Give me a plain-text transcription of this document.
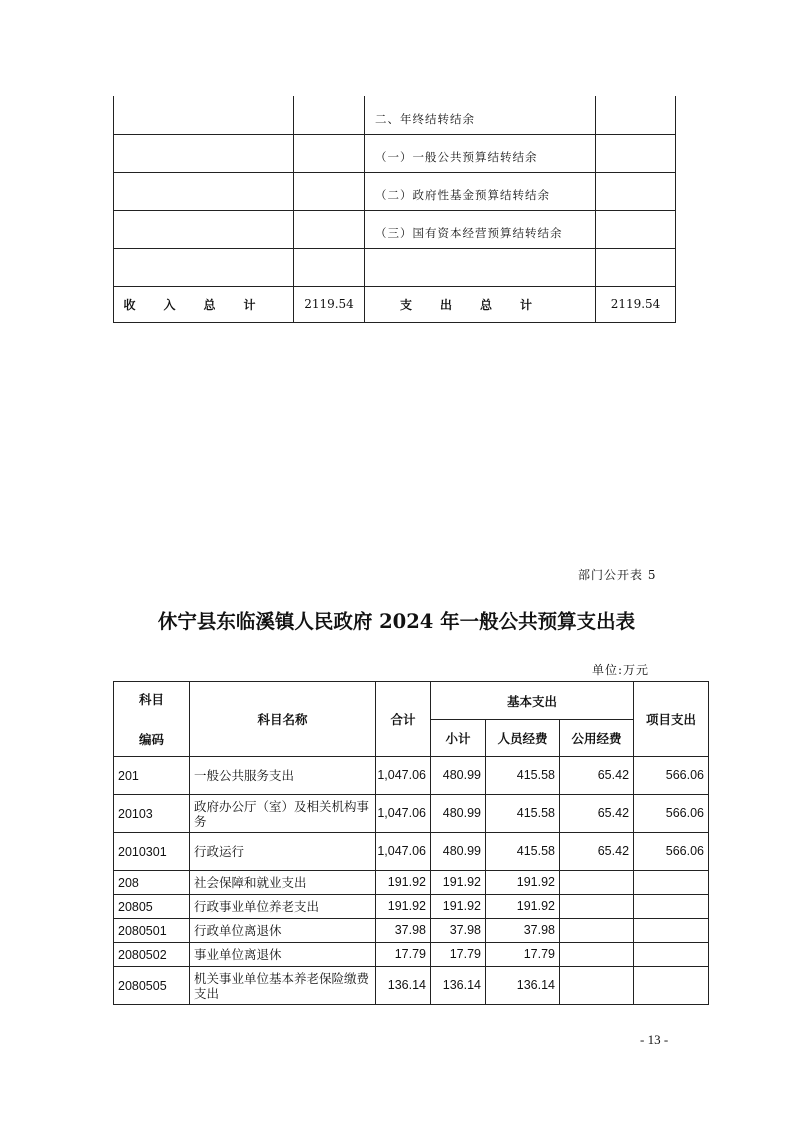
		二、年终结转结余	
		（一）一般公共预算结转结余	
		（二）政府性基金预算结转结余	
		（三）国有资本经营预算结转结余	

收入总计	2119.54	支出总计	2119.54
部门公开表 5
休宁县东临溪镇人民政府 2024 年一般公共预算支出表
单位:万元
科目
编码	科目名称	合计	基本支出			项目支出
			小计	人员经费	公用经费	
201	一般公共服务支出	1,047.06	480.99	415.58	65.42	566.06
20103	政府办公厅（室）及相关机构事务	1,047.06	480.99	415.58	65.42	566.06
2010301	行政运行	1,047.06	480.99	415.58	65.42	566.06
208	社会保障和就业支出	191.92	191.92	191.92		
20805	行政事业单位养老支出	191.92	191.92	191.92		
2080501	行政单位离退休	37.98	37.98	37.98		
2080502	事业单位离退休	17.79	17.79	17.79		
2080505	机关事业单位基本养老保险缴费支出	136.14	136.14	136.14		
- 13 -
